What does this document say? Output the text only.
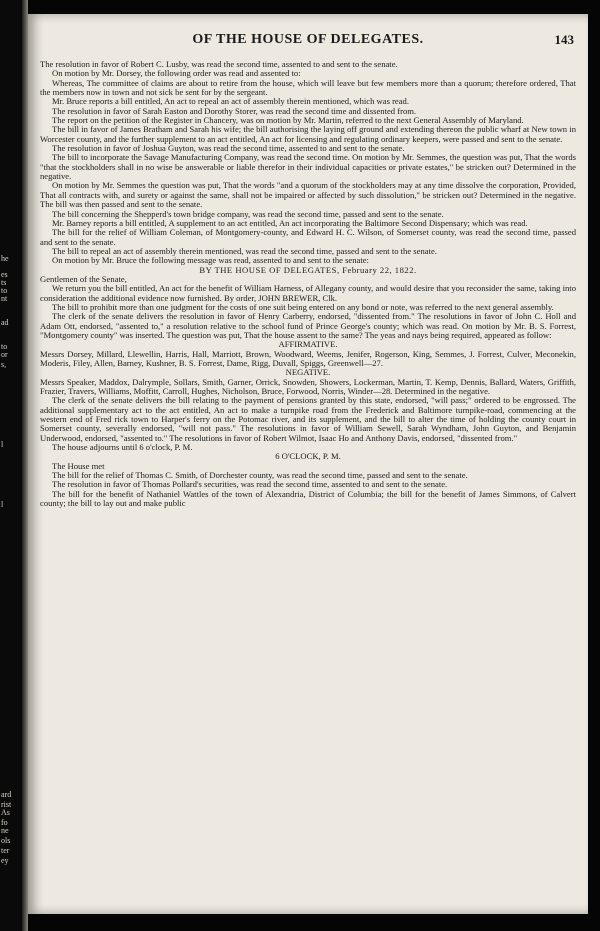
he
es
ts
to
nt
ad
to
or
s,
l
l
ard
rist
As
fo
ne
ols
ter
ey
OF THE HOUSE OF DELEGATES.	143

The resolution in favor of Robert C. Lusby, was read the second time, assented to and sent to the senate.

On motion by Mr. Dorsey, the following order was read and assented to:

Whereas, The committee of claims are about to retire from the house, which will leave but few members more than a quorum; therefore ordered, That the members now in town and not sick be sent for by the sergeant.

Mr. Bruce reports a bill entitled, An act to repeal an act of assembly therein mentioned, which was read.

The resolution in favor of Sarah Easton and Dorothy Storer, was read the second time and dissented from.

The report on the petition of the Register in Chancery, was on motion by Mr. Martin, referred to the next General Assembly of Maryland.

The bill in favor of James Bratham and Sarah his wife; the bill authorising the laying off ground and extending thereon the public wharf at New town in Worcester county, and the further supplement to an act entitled, An act for licensing and regulating ordinary keepers, were passed and sent to the senate.

The resolution in favor of Joshua Guyton, was read the second time, assented to and sent to the senate.

The bill to incorporate the Savage Manufacturing Company, was read the second time. On motion by Mr. Semmes, the question was put, That the words "that the stockholders shall in no wise be answerable or liable therefor in their individual capacities or private estates," be stricken out? Determined in the negative.

On motion by Mr. Semmes the question was put, That the words "and a quorum of the stockholders may at any time dissolve the corporation, Provided, That all contracts with, and surety or against the same, shall not be impaired or affected by such dissolution," be stricken out? Determined in the negative. The bill was then passed and sent to the senate.

The bill concerning the Shepperd's town bridge company, was read the second time, passed and sent to the senate.

Mr. Barney reports a bill entitled, A supplement to an act entitled, An act incorporating the Baltimore Second Dispensary; which was read.

The bill for the relief of William Coleman, of Montgomery-county, and Edward H. C. Wilson, of Somerset county, was read the second time, passed and sent to the senate.

The bill to repeal an act of assembly therein mentioned, was read the second time, passed and sent to the senate.

On motion by Mr. Bruce the following message was read, assented to and sent to the senate:

BY THE HOUSE OF DELEGATES, February 22, 1822.

Gentlemen of the Senate,

We return you the bill entitled, An act for the benefit of William Harness, of Allegany county, and would desire that you reconsider the same, taking into consideration the additional evidence now furnished. By order, JOHN BREWER, Clk.

The bill to prohibit more than one judgment for the costs of one suit being entered on any bond or note, was referred to the next general assembly.

The clerk of the senate delivers the resolution in favor of Henry Carberry, endorsed, "dissented from." The resolutions in favor of John C. Holl and Adam Ott, endorsed, "assented to," a resolution relative to the school fund of Prince George's county; which was read. On motion by Mr. B. S. Forrest, "Montgomery county" was inserted. The question was put, That the house assent to the same? The yeas and nays being required, appeared as follow:

AFFIRMATIVE.

Messrs Dorsey, Millard, Llewellin, Harris, Hall, Marriott, Brown, Woodward, Weems, Jenifer, Rogerson, King, Semmes, J. Forrest, Culver, Meconekin, Moderis, Filey, Allen, Barney, Kushner, B. S. Forrest, Dame, Rigg, Duvall, Spiggs, Greenwell—27.

NEGATIVE.

Messrs Speaker, Maddox, Dalrymple, Sollars, Smith, Garner, Orrick, Snowden, Showers, Lockerman, Martin, T. Kemp, Dennis, Ballard, Waters, Griffith, Frazier, Travers, Williams, Moffitt, Carroll, Hughes, Nicholson, Bruce, Forwood, Norris, Winder—28. Determined in the negative.

The clerk of the senate delivers the bill relating to the payment of pensions granted by this state, endorsed, "will pass;" ordered to be engrossed. The additional supplementary act to the act entitled, An act to make a turnpike road from the Frederick and Baltimore turnpike-road, commencing at the western end of Fred rick town to Harper's ferry on the Potomac river, and its supplement, and the bill to alter the time of holding the county court in Somerset county, severally endorsed, "will not pass." The resolutions in favor of William Sewell, Sarah Wyndham, John Guyton, and Benjamin Underwood, endorsed, "assented to." The resolutions in favor of Robert Wilmot, Isaac Ho and Anthony Davis, endorsed, "dissented from."

The house adjourns until 6 o'clock, P. M.

6 O'CLOCK, P. M.

The House met

The bill for the relief of Thomas C. Smith, of Dorchester county, was read the second time, passed and sent to the senate.

The resolution in favor of Thomas Pollard's securities, was read the second time, assented to and sent to the senate.

The bill for the benefit of Nathaniel Wattles of the town of Alexandria, District of Columbia; the bill for the benefit of James Simmons, of Calvert county; the bill to lay out and make public
